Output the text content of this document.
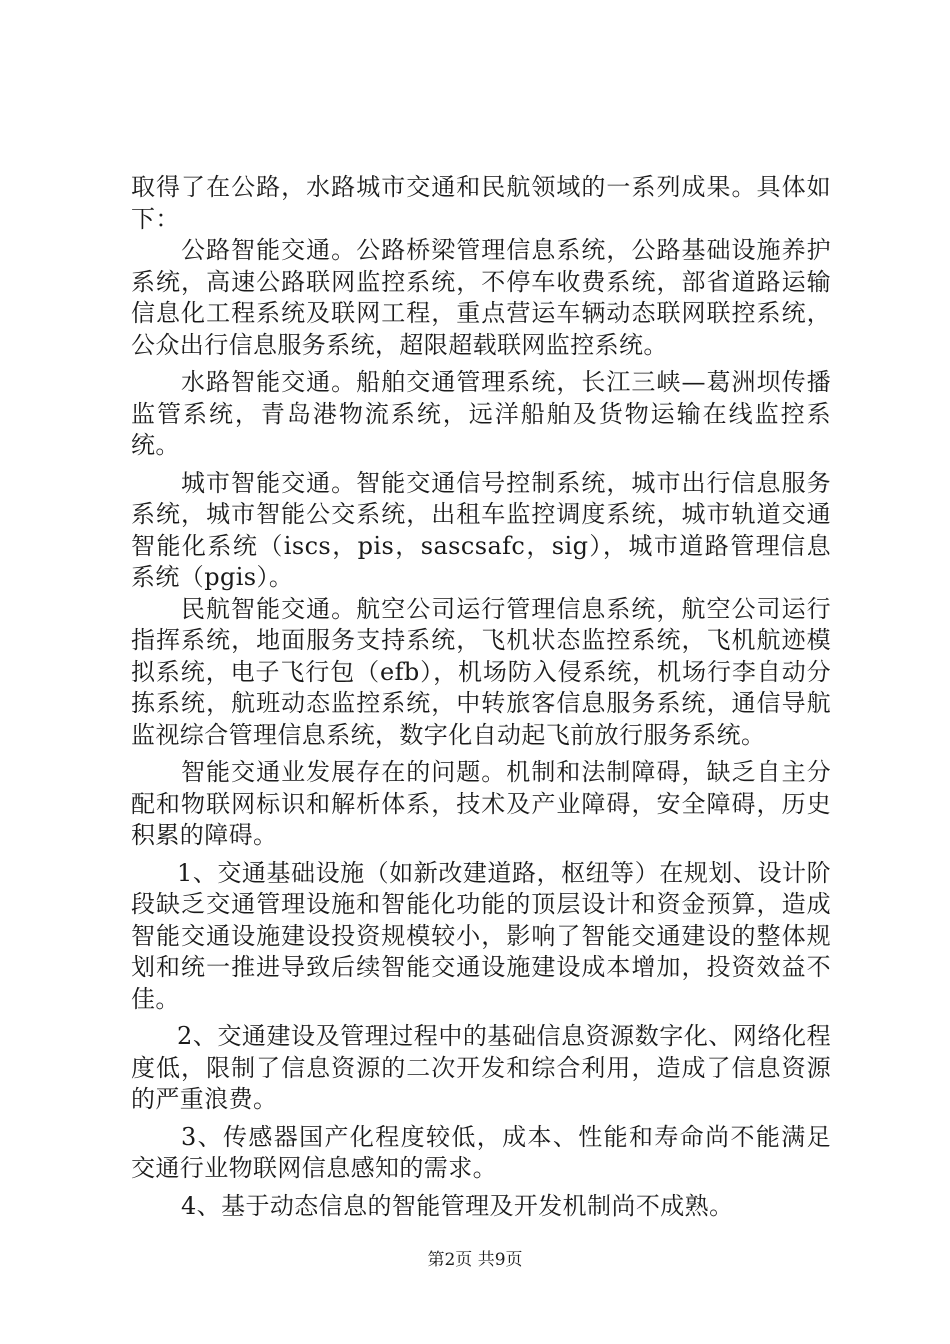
取得了在公路，水路城市交通和民航领域的一系列成果。具体如下：

公路智能交通。公路桥梁管理信息系统，公路基础设施养护系统，高速公路联网监控系统，不停车收费系统，部省道路运输信息化工程系统及联网工程，重点营运车辆动态联网联控系统，公众出行信息服务系统，超限超载联网监控系统。

水路智能交通。船舶交通管理系统，长江三峡—葛洲坝传播监管系统，青岛港物流系统，远洋船舶及货物运输在线监控系统。

城市智能交通。智能交通信号控制系统，城市出行信息服务系统，城市智能公交系统，出租车监控调度系统，城市轨道交通智能化系统（iscs，pis，sascsafc，sig），城市道路管理信息系统（pgis）。

民航智能交通。航空公司运行管理信息系统，航空公司运行指挥系统，地面服务支持系统，飞机状态监控系统，飞机航迹模拟系统，电子飞行包（efb），机场防入侵系统，机场行李自动分拣系统，航班动态监控系统，中转旅客信息服务系统，通信导航监视综合管理信息系统，数字化自动起飞前放行服务系统。

智能交通业发展存在的问题。机制和法制障碍，缺乏自主分配和物联网标识和解析体系，技术及产业障碍，安全障碍，历史积累的障碍。

1、交通基础设施（如新改建道路，枢纽等）在规划、设计阶段缺乏交通管理设施和智能化功能的顶层设计和资金预算，造成智能交通设施建设投资规模较小，影响了智能交通建设的整体规划和统一推进导致后续智能交通设施建设成本增加，投资效益不佳。

2、交通建设及管理过程中的基础信息资源数字化、网络化程度低，限制了信息资源的二次开发和综合利用，造成了信息资源的严重浪费。

3、传感器国产化程度较低，成本、性能和寿命尚不能满足交通行业物联网信息感知的需求。

4、基于动态信息的智能管理及开发机制尚不成熟。

第2页 共9页
